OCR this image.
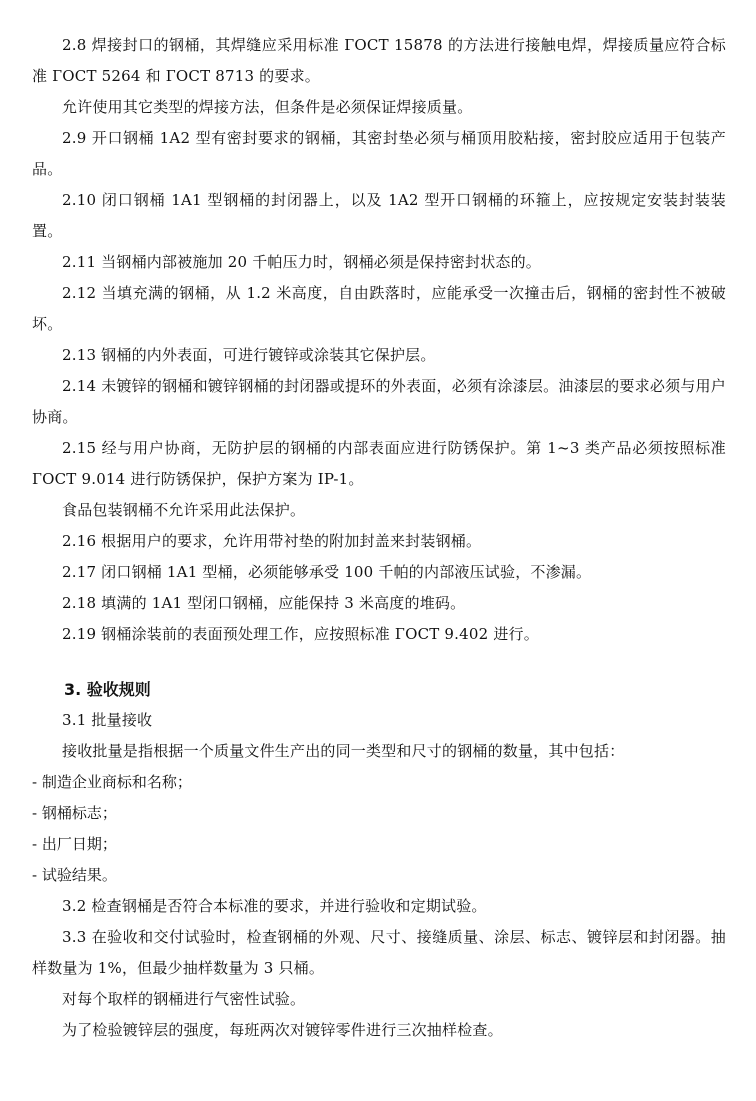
2.8 焊接封口的钢桶，其焊缝应采用标准 ГОСТ 15878 的方法进行接触电焊，焊接质量应符合标准 ГОСТ 5264 和 ГОСТ 8713 的要求。

允许使用其它类型的焊接方法，但条件是必须保证焊接质量。

2.9 开口钢桶 1A2 型有密封要求的钢桶，其密封垫必须与桶顶用胶粘接，密封胶应适用于包装产品。

2.10 闭口钢桶 1A1 型钢桶的封闭器上，以及 1A2 型开口钢桶的环箍上，应按规定安装封装装置。

2.11 当钢桶内部被施加 20 千帕压力时，钢桶必须是保持密封状态的。

2.12 当填充满的钢桶，从 1.2 米高度，自由跌落时，应能承受一次撞击后，钢桶的密封性不被破坏。

2.13 钢桶的内外表面，可进行镀锌或涂装其它保护层。

2.14 未镀锌的钢桶和镀锌钢桶的封闭器或提环的外表面，必须有涂漆层。油漆层的要求必须与用户协商。

2.15 经与用户协商，无防护层的钢桶的内部表面应进行防锈保护。第 1~3 类产品必须按照标准 ГОСТ 9.014 进行防锈保护，保护方案为 IP-1。

食品包装钢桶不允许采用此法保护。

2.16 根据用户的要求，允许用带衬垫的附加封盖来封装钢桶。

2.17 闭口钢桶 1A1 型桶，必须能够承受 100 千帕的内部液压试验，不渗漏。

2.18 填满的 1A1 型闭口钢桶，应能保持 3 米高度的堆码。

2.19 钢桶涂装前的表面预处理工作，应按照标准 ГОСТ 9.402 进行。

3. 验收规则

3.1 批量接收

接收批量是指根据一个质量文件生产出的同一类型和尺寸的钢桶的数量，其中包括：

- 制造企业商标和名称；

- 钢桶标志；

- 出厂日期；

- 试验结果。

3.2 检查钢桶是否符合本标准的要求，并进行验收和定期试验。

3.3 在验收和交付试验时，检查钢桶的外观、尺寸、接缝质量、涂层、标志、镀锌层和封闭器。抽样数量为 1%，但最少抽样数量为 3 只桶。

对每个取样的钢桶进行气密性试验。

为了检验镀锌层的强度，每班两次对镀锌零件进行三次抽样检查。
